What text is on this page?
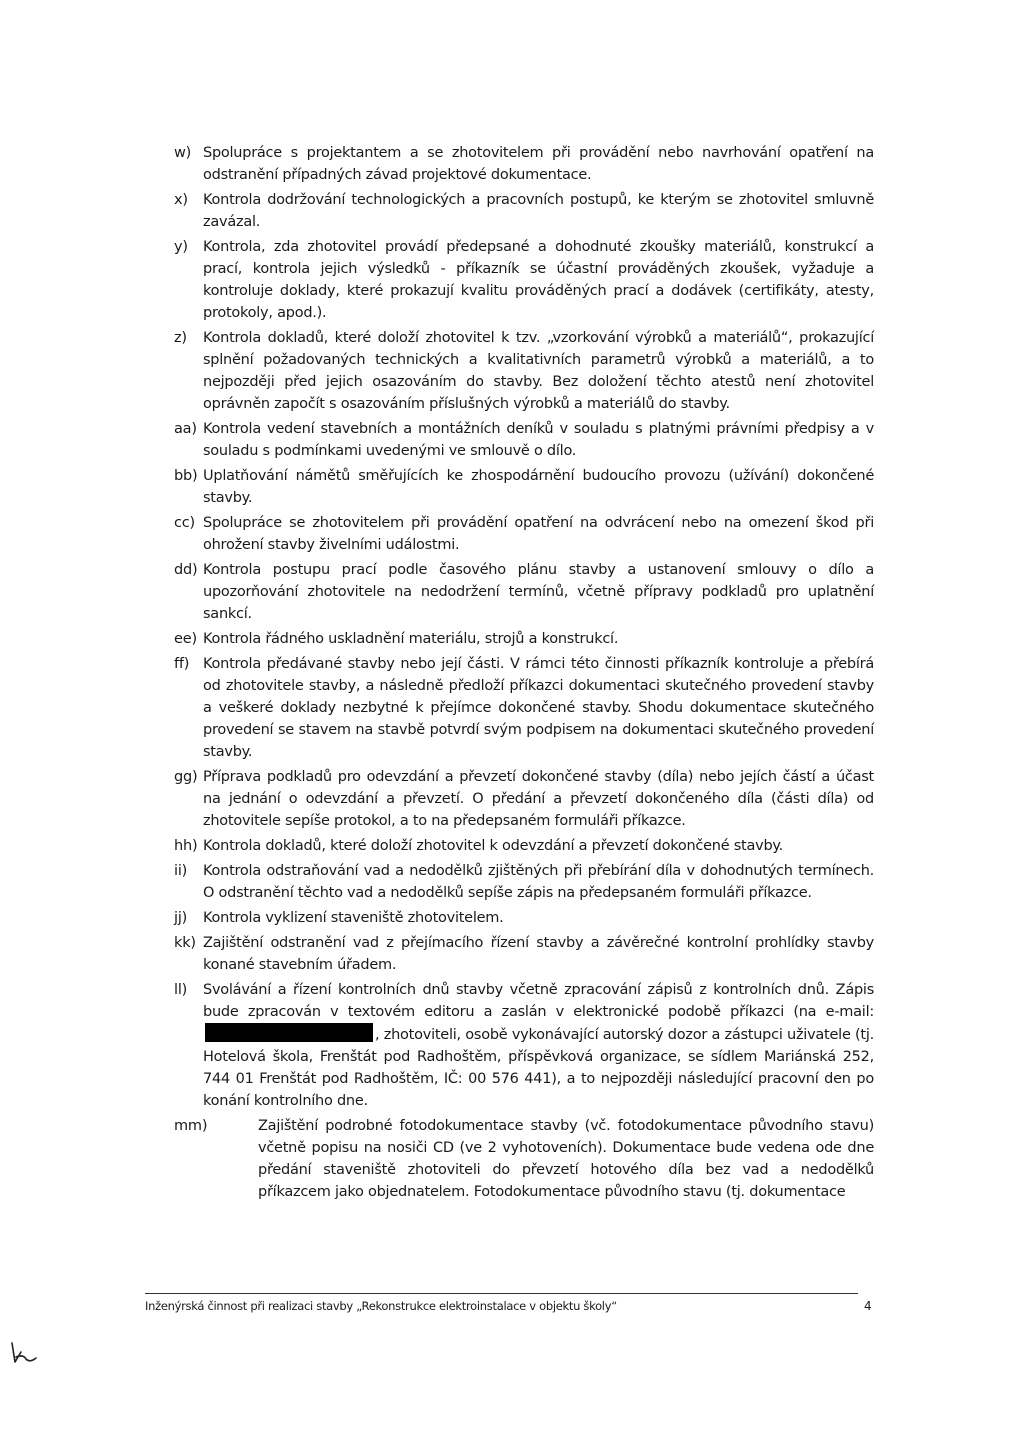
w) Spolupráce s projektantem a se zhotovitelem při provádění nebo navrhování opatření na odstranění případných závad projektové dokumentace.
x)	Kontrola dodržování technologických a pracovních postupů, ke kterým se zhotovitel smluvně zavázal.
y)	Kontrola, zda zhotovitel provádí předepsané a dohodnuté zkoušky materiálů, konstrukcí a prací, kontrola jejich výsledků - příkazník se účastní prováděných zkoušek, vyžaduje a kontroluje doklady, které prokazují kvalitu prováděných prací a dodávek (certifikáty, atesty, protokoly, apod.).
z)	Kontrola dokladů, které doloží zhotovitel k tzv. „vzorkování výrobků a materiálů“, prokazující splnění požadovaných technických a kvalitativních parametrů výrobků a materiálů, a to nejpozději před jejich osazováním do stavby. Bez doložení těchto atestů není zhotovitel oprávněn započít s osazováním příslušných výrobků a materiálů do stavby.
aa) Kontrola vedení stavebních a montážních deníků v souladu s platnými právními předpisy a v souladu s podmínkami uvedenými ve smlouvě o dílo.
bb) Uplatňování námětů směřujících ke zhospodárnění budoucího provozu (užívání) dokončené stavby.
cc) Spolupráce se zhotovitelem při provádění opatření na odvrácení nebo na omezení škod při ohrožení stavby živelními událostmi.
dd) Kontrola postupu prací podle časového plánu stavby a ustanovení smlouvy o dílo a upozorňování zhotovitele na nedodržení termínů, včetně přípravy podkladů pro uplatnění sankcí.
ee) Kontrola řádného uskladnění materiálu, strojů a konstrukcí.
ff) Kontrola předávané stavby nebo její části. V rámci této činnosti příkazník kontroluje a přebírá od zhotovitele stavby, a následně předloží příkazci dokumentaci skutečného provedení stavby a veškeré doklady nezbytné k přejímce dokončené stavby. Shodu dokumentace skutečného provedení se stavem na stavbě potvrdí svým podpisem na dokumentaci skutečného provedení stavby.
gg) Příprava podkladů pro odevzdání a převzetí dokončené stavby (díla) nebo jejích částí a účast na jednání o odevzdání a převzetí. O předání a převzetí dokončeného díla (části díla) od zhotovitele sepíše protokol, a to na předepsaném formuláři příkazce.
hh) Kontrola dokladů, které doloží zhotovitel k odevzdání a převzetí dokončené stavby.
ii)	Kontrola odstraňování vad a nedodělků zjištěných při přebírání díla v dohodnutých termínech. O odstranění těchto vad a nedodělků sepíše zápis na předepsaném formuláři příkazce.
jj)	Kontrola vyklizení staveniště zhotovitelem.
kk) Zajištění odstranění vad z přejímacího řízení stavby a závěrečné kontrolní prohlídky stavby konané stavebním úřadem.
ll)	Svolávání a řízení kontrolních dnů stavby včetně zpracování zápisů z kontrolních dnů. Zápis bude zpracován v textovém editoru a zaslán v elektronické podobě příkazci (na e-mail: , zhotoviteli, osobě vykonávající autorský dozor a zástupci uživatele (tj. Hotelová škola, Frenštát pod Radhoštěm, příspěvková organizace, se sídlem Mariánská 252, 744 01 Frenštát pod Radhoštěm, IČ: 00 576 441), a to nejpozději následující pracovní den po konání kontrolního dne.
mm)	Zajištění podrobné fotodokumentace stavby (vč. fotodokumentace původního stavu) včetně popisu na nosiči CD (ve 2 vyhotoveních). Dokumentace bude vedena ode dne předání staveniště zhotoviteli do převzetí hotového díla bez vad a nedodělků příkazcem jako objednatelem. Fotodokumentace původního stavu (tj. dokumentace
Inženýrská činnost při realizaci stavby „Rekonstrukce elektroinstalace v objektu školy“	4
